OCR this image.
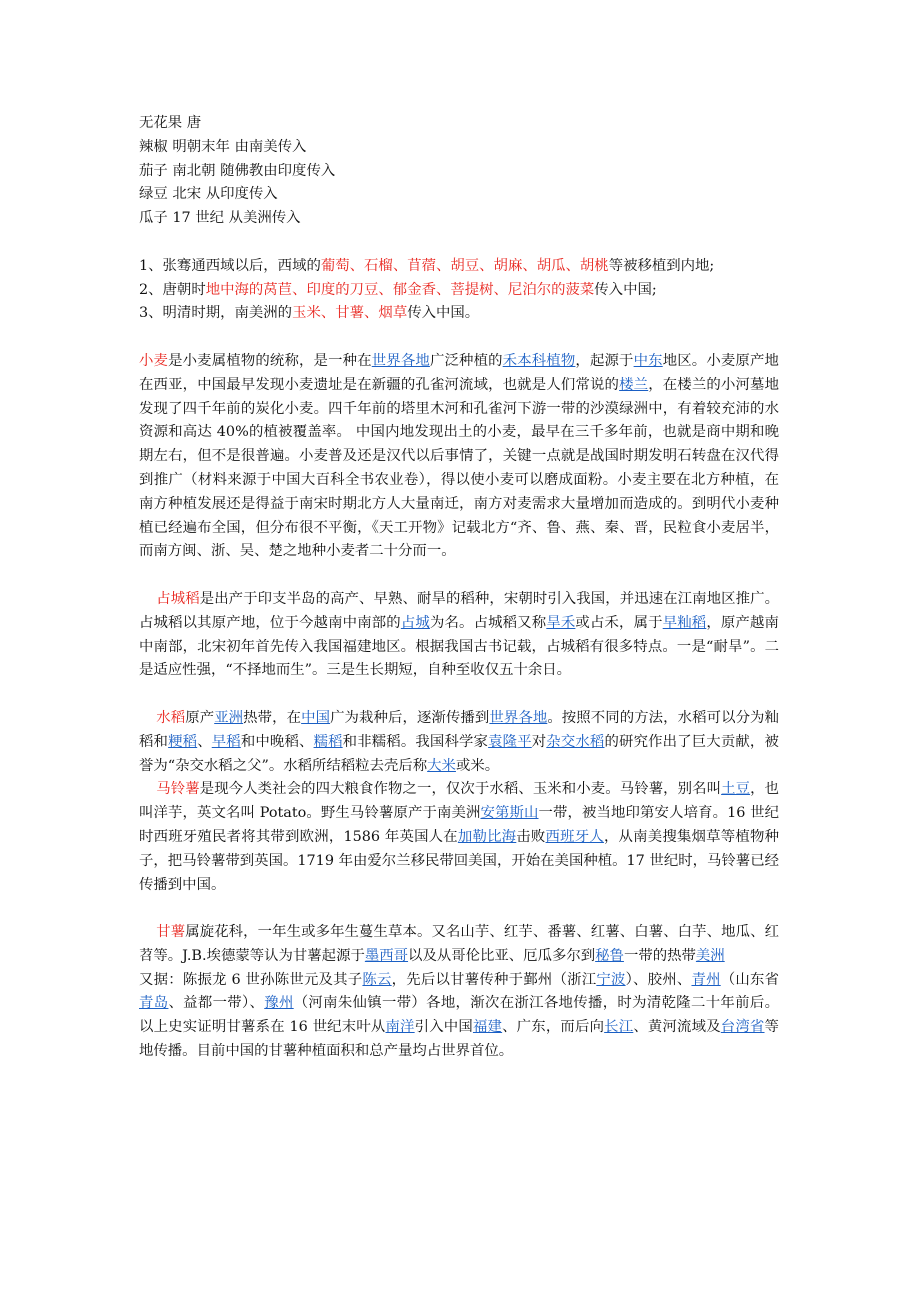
无花果 唐

辣椒 明朝末年 由南美传入

茄子 南北朝 随佛教由印度传入

绿豆 北宋 从印度传入

瓜子 17 世纪 从美洲传入

1、张骞通西域以后，西域的葡萄、石榴、苜蓿、胡豆、胡麻、胡瓜、胡桃等被移植到内地;

2、唐朝时地中海的莴苣、印度的刀豆、郁金香、菩提树、尼泊尔的菠菜传入中国;

3、明清时期，南美洲的玉米、甘薯、烟草传入中国。

小麦是小麦属植物的统称，是一种在世界各地广泛种植的禾本科植物，起源于中东地区。小麦原产地在西亚，中国最早发现小麦遗址是在新疆的孔雀河流域，也就是人们常说的楼兰，在楼兰的小河墓地发现了四千年前的炭化小麦。四千年前的塔里木河和孔雀河下游一带的沙漠绿洲中，有着较充沛的水资源和高达 40%的植被覆盖率。 中国内地发现出土的小麦，最早在三千多年前，也就是商中期和晚期左右，但不是很普遍。小麦普及还是汉代以后事情了，关键一点就是战国时期发明石转盘在汉代得到推广（材料来源于中国大百科全书农业卷），得以使小麦可以磨成面粉。小麦主要在北方种植，在南方种植发展还是得益于南宋时期北方人大量南迁，南方对麦需求大量增加而造成的。到明代小麦种植已经遍布全国，但分布很不平衡，《天工开物》记载北方“齐、鲁、燕、秦、晋，民粒食小麦居半，而南方闽、浙、吴、楚之地种小麦者二十分而一。

占城稻是出产于印支半岛的高产、早熟、耐旱的稻种，宋朝时引入我国，并迅速在江南地区推广。占城稻以其原产地，位于今越南中南部的占城为名。占城稻又称旱禾或占禾，属于早籼稻，原产越南中南部，北宋初年首先传入我国福建地区。根据我国古书记载，占城稻有很多特点。一是“耐旱”。二是适应性强，“不择地而生”。三是生长期短，自种至收仅五十余日。

水稻原产亚洲热带，在中国广为栽种后，逐渐传播到世界各地。按照不同的方法，水稻可以分为籼稻和粳稻、早稻和中晚稻、糯稻和非糯稻。我国科学家袁隆平对杂交水稻的研究作出了巨大贡献，被誉为“杂交水稻之父”。水稻所结稻粒去壳后称大米或米。

马铃薯是现今人类社会的四大粮食作物之一，仅次于水稻、玉米和小麦。马铃薯，别名叫土豆，也叫洋芋，英文名叫 Potato。野生马铃薯原产于南美洲安第斯山一带，被当地印第安人培育。16 世纪时西班牙殖民者将其带到欧洲，1586 年英国人在加勒比海击败西班牙人，从南美搜集烟草等植物种子，把马铃薯带到英国。1719 年由爱尔兰移民带回美国，开始在美国种植。17 世纪时，马铃薯已经传播到中国。

甘薯属旋花科，一年生或多年生蔓生草本。又名山芋、红芋、番薯、红薯、白薯、白芋、地瓜、红苕等。J.B.埃德蒙等认为甘薯起源于墨西哥以及从哥伦比亚、厄瓜多尔到秘鲁一带的热带美洲

又据：陈振龙 6 世孙陈世元及其子陈云，先后以甘薯传种于鄞州（浙江宁波）、胶州、青州（山东省青岛、益都一带）、豫州（河南朱仙镇一带）各地，渐次在浙江各地传播，时为清乾隆二十年前后。以上史实证明甘薯系在 16 世纪末叶从南洋引入中国福建、广东，而后向长江、黄河流域及台湾省等地传播。目前中国的甘薯种植面积和总产量均占世界首位。
